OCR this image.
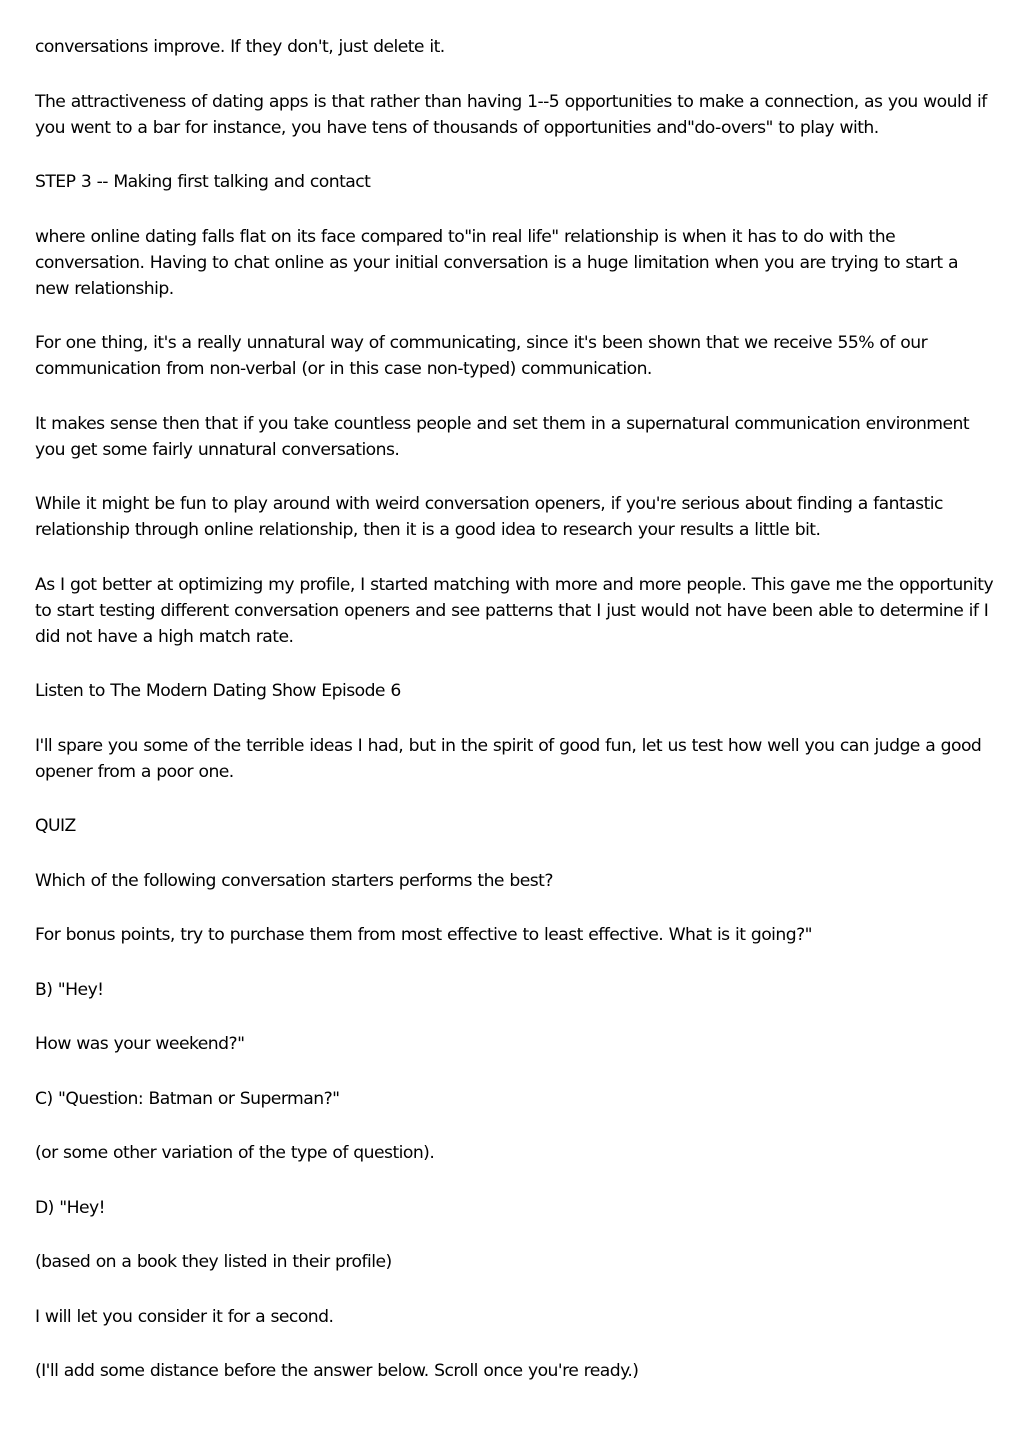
conversations improve. If they don't, just delete it.

The attractiveness of dating apps is that rather than having 1--5 opportunities to make a connection, as you would if you went to a bar for instance, you have tens of thousands of opportunities and"do-overs" to play with.

STEP 3 -- Making first talking and contact

where online dating falls flat on its face compared to"in real life" relationship is when it has to do with the conversation. Having to chat online as your initial conversation is a huge limitation when you are trying to start a new relationship.

For one thing, it's a really unnatural way of communicating, since it's been shown that we receive 55% of our communication from non-verbal (or in this case non-typed) communication.

It makes sense then that if you take countless people and set them in a supernatural communication environment you get some fairly unnatural conversations.

While it might be fun to play around with weird conversation openers, if you're serious about finding a fantastic relationship through online relationship, then it is a good idea to research your results a little bit.

As I got better at optimizing my profile, I started matching with more and more people. This gave me the opportunity to start testing different conversation openers and see patterns that I just would not have been able to determine if I did not have a high match rate.

Listen to The Modern Dating Show Episode 6

I'll spare you some of the terrible ideas I had, but in the spirit of good fun, let us test how well you can judge a good opener from a poor one.

QUIZ

Which of the following conversation starters performs the best?

For bonus points, try to purchase them from most effective to least effective. What is it going?"

B) "Hey!

How was your weekend?"

C) "Question: Batman or Superman?"

(or some other variation of the type of question).

D) "Hey!

(based on a book they listed in their profile)

I will let you consider it for a second.

(I'll add some distance before the answer below. Scroll once you're ready.)
